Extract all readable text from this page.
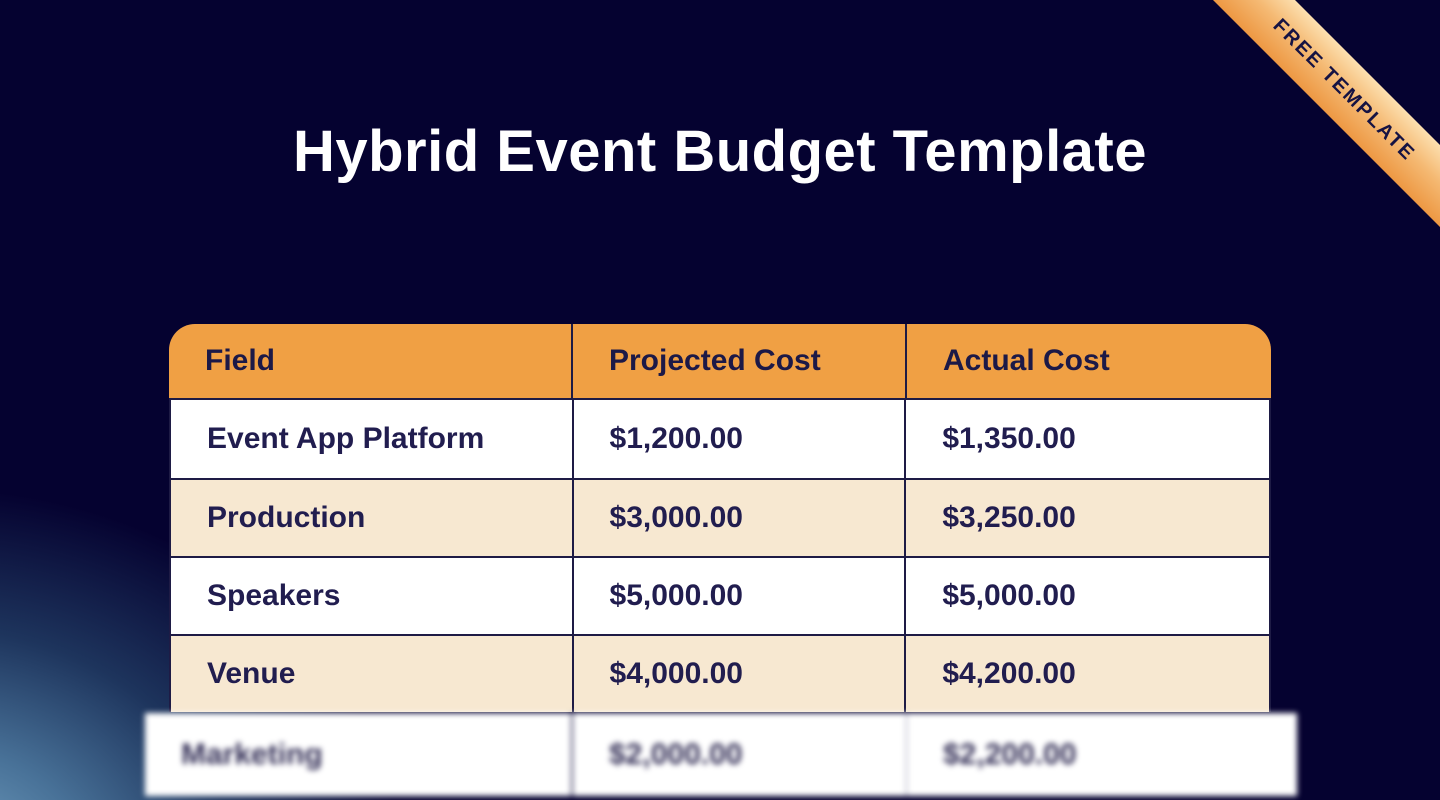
Hybrid Event Budget Template	FREE TEMPLATE
Field	Projected Cost	Actual Cost
Event App Platform	$1,200.00	$1,350.00
Production	$3,000.00	$3,250.00
Speakers	$5,000.00	$5,000.00
Venue	$4,000.00	$4,200.00
Marketing	$2,000.00	$2,200.00
